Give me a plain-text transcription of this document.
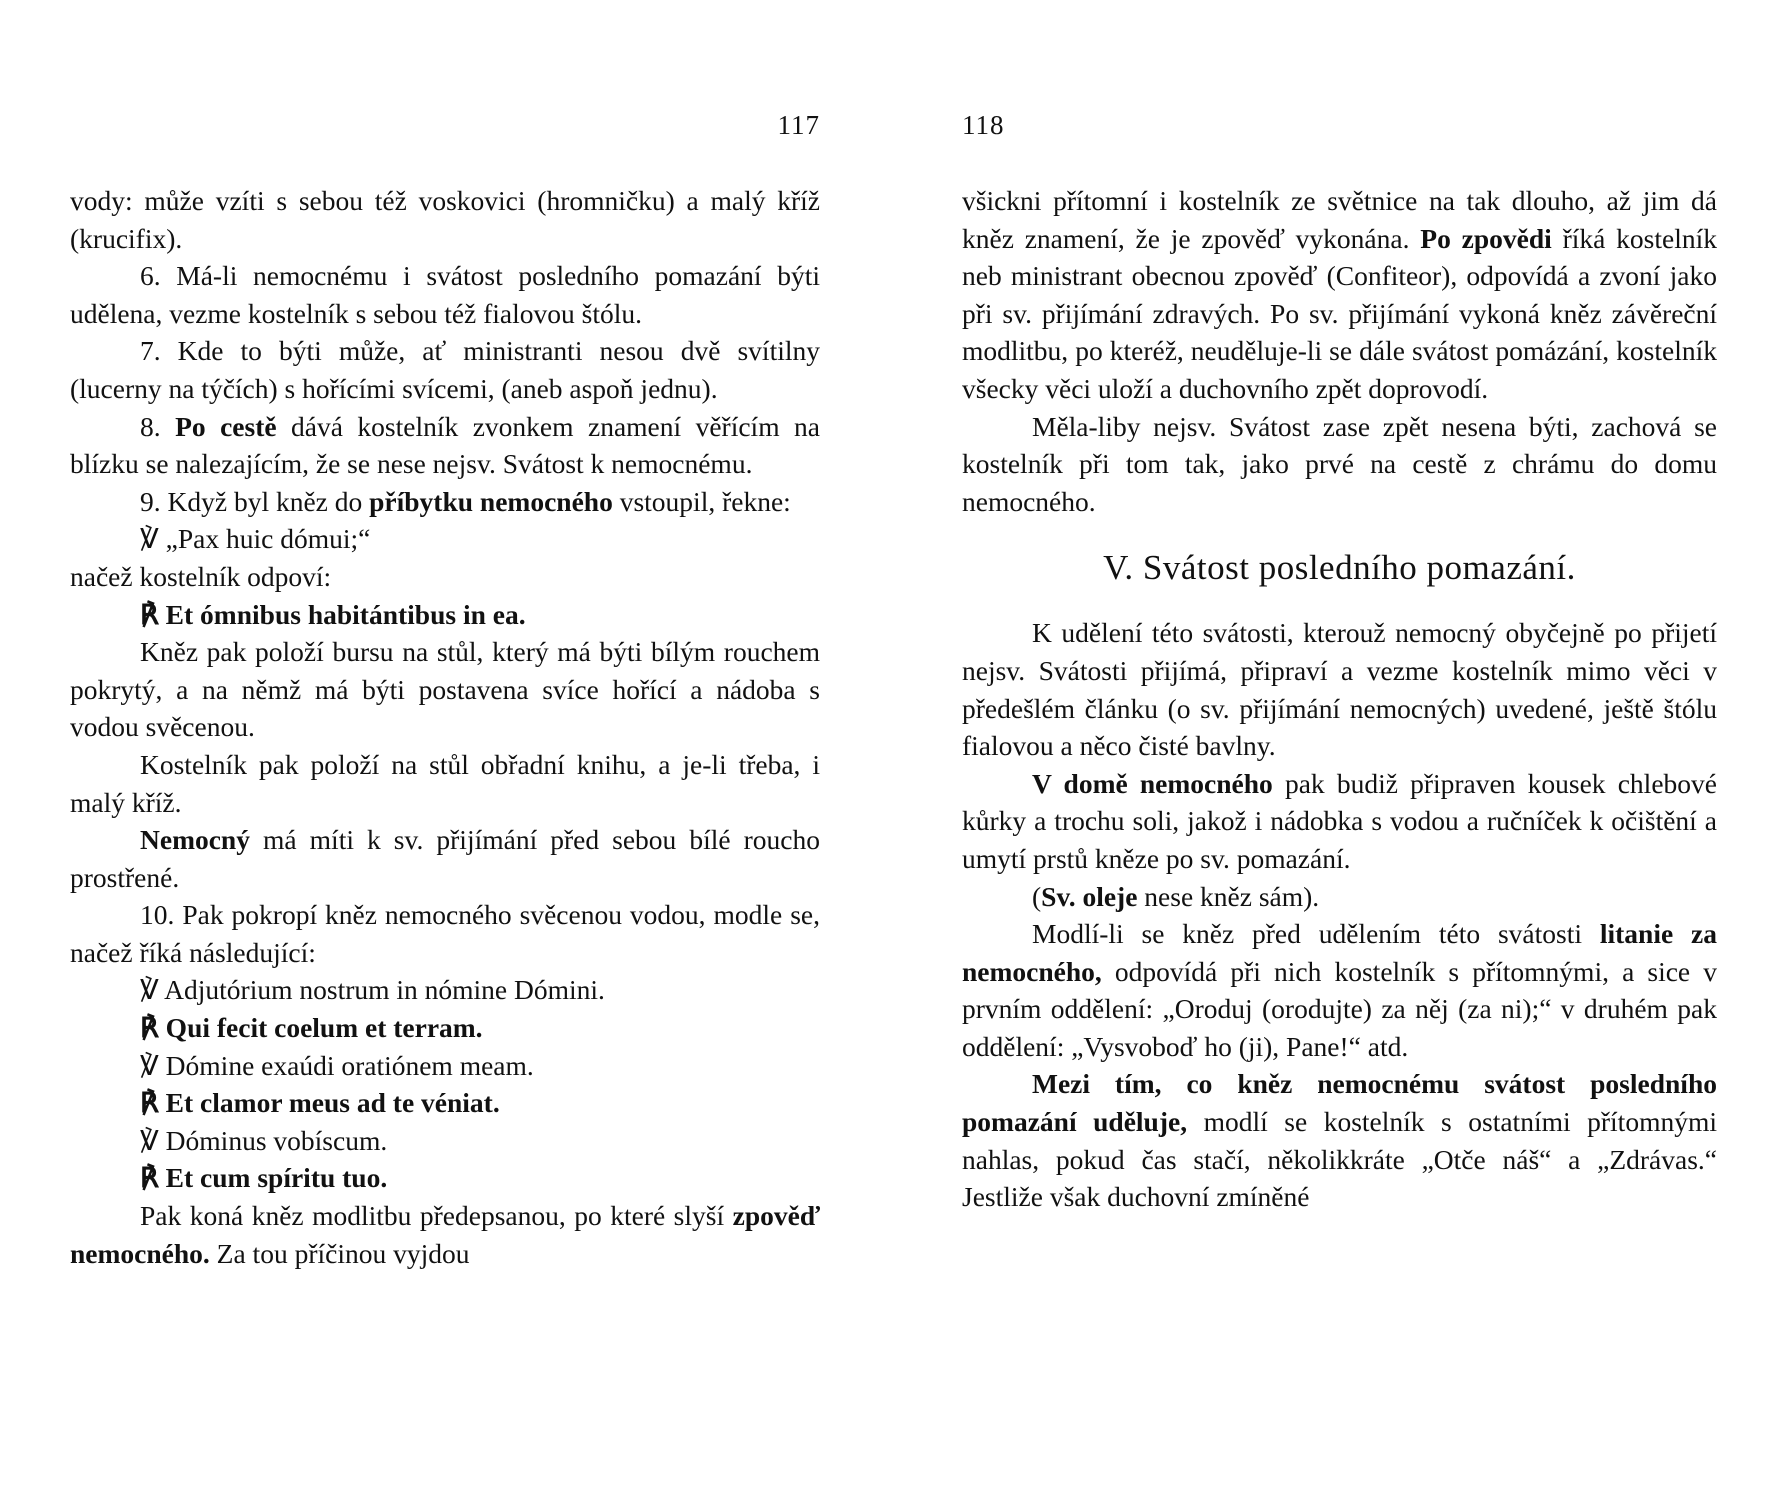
117

vody: může vzíti s sebou též voskovici (hromničku) a malý kříž (krucifix).

6. Má-li nemocnému i svátost posledního pomazání býti udělena, vezme kostelník s sebou též fialovou štólu.

7. Kde to býti může, ať ministranti nesou dvě svítilny (lucerny na týčích) s hořícími svícemi, (aneb aspoň jednu).

8. Po cestě dává kostelník zvonkem znamení věřícím na blízku se nalezajícím, že se nese nejsv. Svátost k nemocnému.

9. Když byl kněz do příbytku nemocného vstoupil, řekne:

℣ „Pax huic dómui;“

načež kostelník odpoví:

℟ Et ómnibus habitántibus in ea.

Kněz pak položí bursu na stůl, který má býti bílým rouchem pokrytý, a na němž má býti postavena svíce hořící a nádoba s vodou svěcenou.

Kostelník pak položí na stůl obřadní knihu, a je-li třeba, i malý kříž.

Nemocný má míti k sv. přijímání před sebou bílé roucho prostřené.

10. Pak pokropí kněz nemocného svěcenou vodou, modle se, načež říká následující:

℣ Adjutórium nostrum in nómine Dómini.

℟ Qui fecit coelum et terram.

℣ Dómine exaúdi oratiónem meam.

℟ Et clamor meus ad te véniat.

℣ Dóminus vobíscum.

℟ Et cum spíritu tuo.

Pak koná kněz modlitbu předepsanou, po které slyší zpověď nemocného. Za tou příčinou vyjdou

118

všickni přítomní i kostelník ze světnice na tak dlouho, až jim dá kněz znamení, že je zpověď vykonána. Po zpovědi říká kostelník neb ministrant obecnou zpověď (Confiteor), odpovídá a zvoní jako při sv. přijímání zdravých. Po sv. přijímání vykoná kněz závěreční modlitbu, po kteréž, neuděluje-li se dále svátost pomázání, kostelník všecky věci uloží a duchovního zpět doprovodí.

Měla-liby nejsv. Svátost zase zpět nesena býti, zachová se kostelník při tom tak, jako prvé na cestě z chrámu do domu nemocného.

V. Svátost posledního pomazání.

K udělení této svátosti, kterouž nemocný obyčejně po přijetí nejsv. Svátosti přijímá, připraví a vezme kostelník mimo věci v předešlém článku (o sv. přijímání nemocných) uvedené, ještě štólu fialovou a něco čisté bavlny.

V domě nemocného pak budiž připraven kousek chlebové kůrky a trochu soli, jakož i nádobka s vodou a ručníček k očištění a umytí prstů kněze po sv. pomazání.

(Sv. oleje nese kněz sám).

Modlí-li se kněz před udělením této svátosti litanie za nemocného, odpovídá při nich kostelník s přítomnými, a sice v prvním oddělení: „Oroduj (orodujte) za něj (za ni);“ v druhém pak oddělení: „Vysvoboď ho (ji), Pane!“ atd.

Mezi tím, co kněz nemocnému svátost posledního pomazání uděluje, modlí se kostelník s ostatními přítomnými nahlas, pokud čas stačí, několikkráte „Otče náš“ a „Zdrávas.“ Jestliže však duchovní zmíněné
